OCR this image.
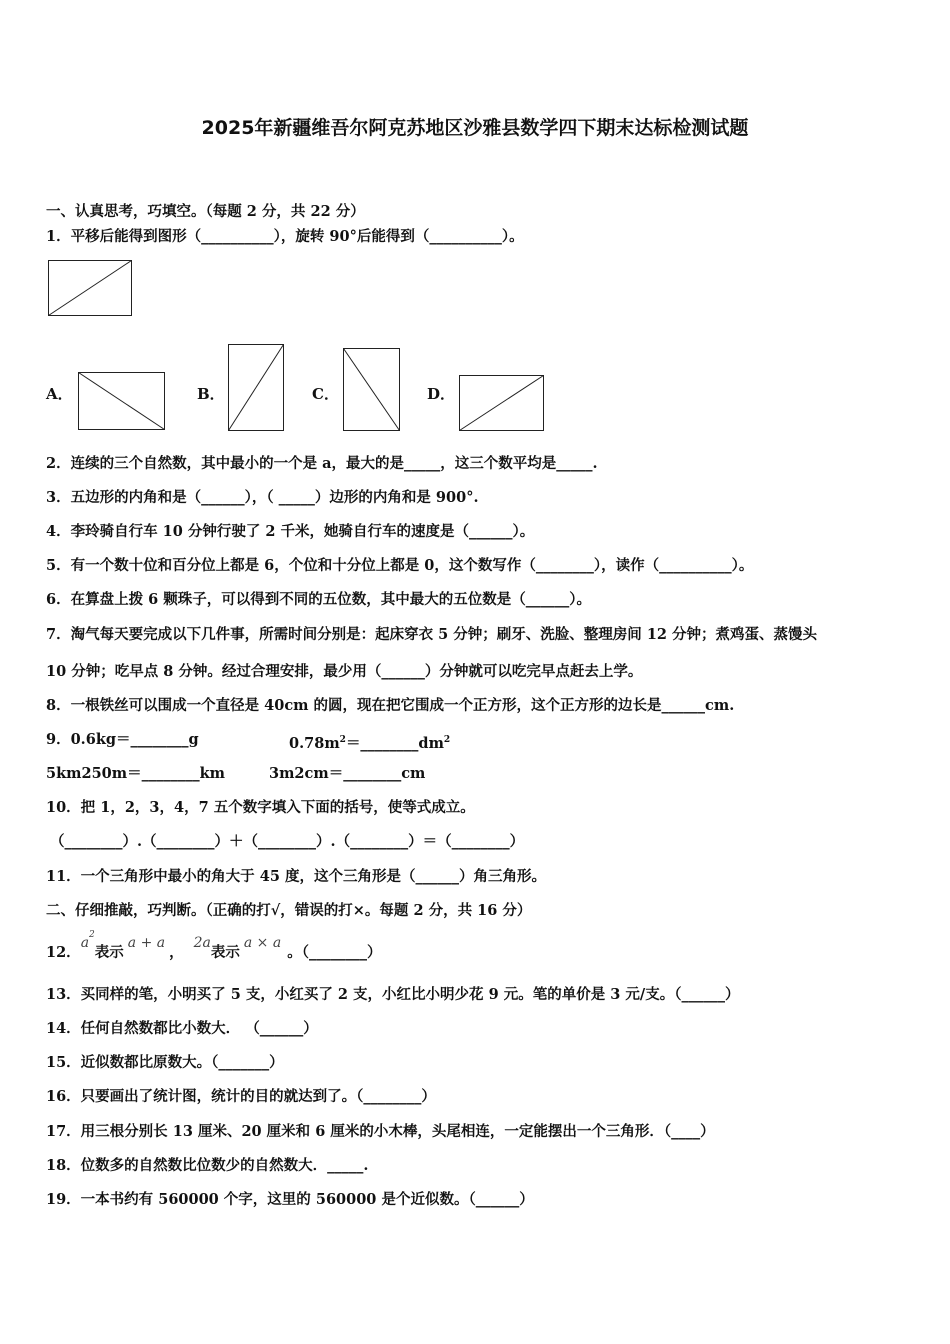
2025年新疆维吾尔阿克苏地区沙雅县数学四下期末达标检测试题
一、认真思考，巧填空。（每题 2 分，共 22 分）
1．平移后能得到图形（__________），旋转 90°后能得到（__________）。
A．	B．	C．	D．
2．连续的三个自然数，其中最小的一个是 a，最大的是_____，这三个数平均是_____.
3．五边形的内角和是（______），（ _____）边形的内角和是 900°.
4．李玲骑自行车 10 分钟行驶了 2 千米，她骑自行车的速度是（______）。
5．有一个数十位和百分位上都是 6，个位和十分位上都是 0，这个数写作（________），读作（__________）。
6．在算盘上拨 6 颗珠子，可以得到不同的五位数，其中最大的五位数是（______）。
7．淘气每天要完成以下几件事，所需时间分别是：起床穿衣 5 分钟；刷牙、洗脸、整理房间 12 分钟；煮鸡蛋、蒸馒头
10 分钟；吃早点 8 分钟。经过合理安排，最少用（______）分钟就可以吃完早点赶去上学。
8．一根铁丝可以围成一个直径是 40cm 的圆，现在把它围成一个正方形，这个正方形的边长是______cm.
9．0.6kg＝________g	$0.78m^2=\_\_\_\_\_\_\_\_dm^2$
5km250m＝________km	3m2cm＝________cm
10．把 1，2，3，4，7 五个数字填入下面的括号，使等式成立。
（________）.（________）＋（________）.（________）＝（________）
11．一个三角形中最小的角大于 45 度，这个三角形是（______）角三角形。
二、仔细推敲，巧判断。（正确的打√，错误的打×。每题 2 分，共 16 分）
12．$a^2$表示a + a，2a表示a × a。（________）
13．买同样的笔，小明买了 5 支，小红买了 2 支，小红比小明少花 9 元。笔的单价是 3 元/支。（______）
14．任何自然数都比小数大． （______）
15．近似数都比原数大。（_______）
16．只要画出了统计图，统计的目的就达到了。（________）
17．用三根分别长 13 厘米、20 厘米和 6 厘米的小木棒，头尾相连，一定能摆出一个三角形．（____）
18．位数多的自然数比位数少的自然数大．_____.
19．一本书约有 560000 个字，这里的 560000 是个近似数。（______）
